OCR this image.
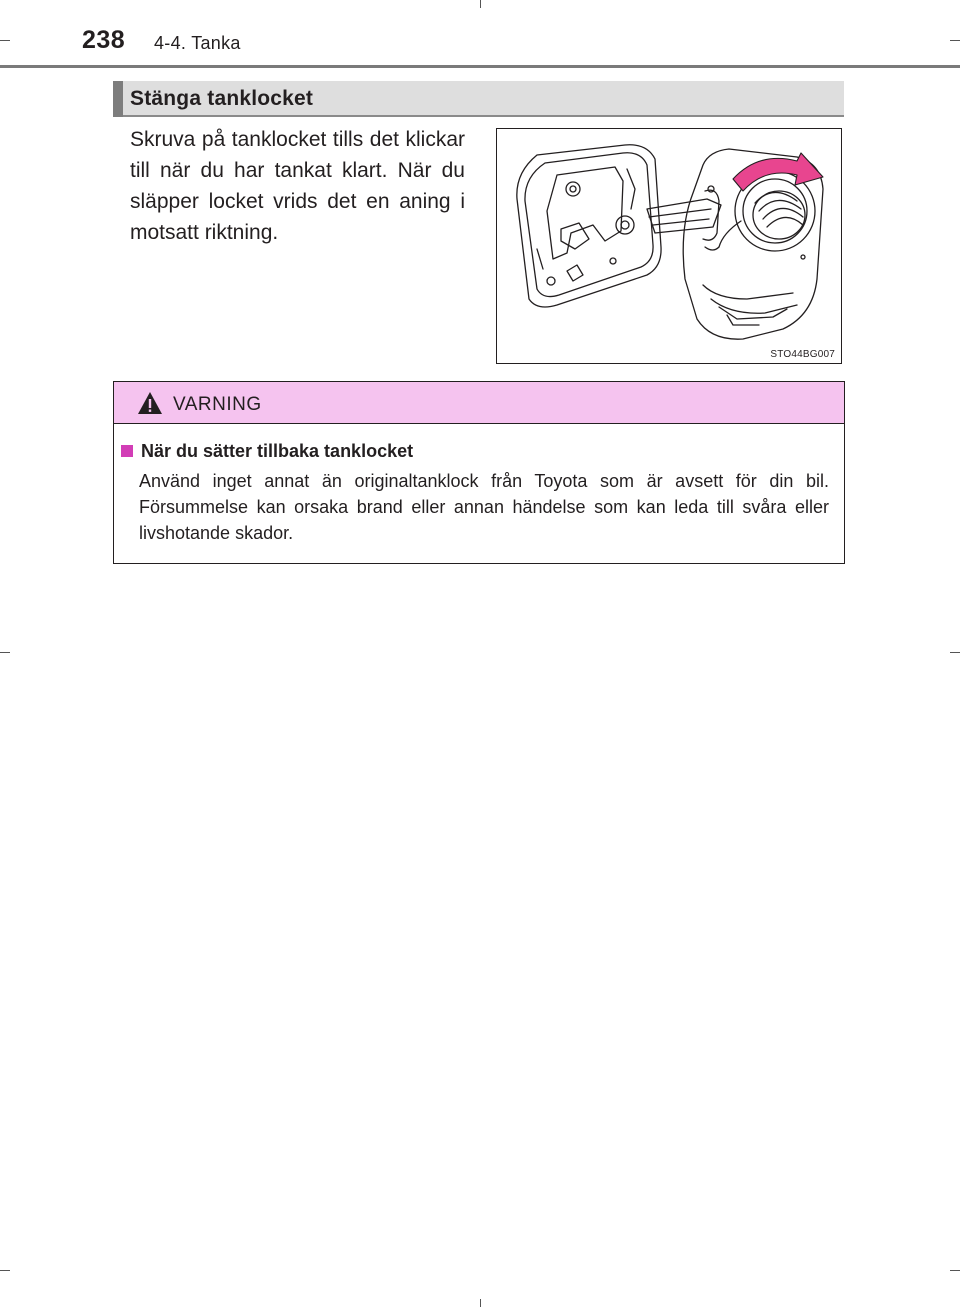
238 4-4. Tanka
Stänga tanklocket
Skruva på tanklocket tills det klickar till när du har tankat klart. När du släpper locket vrids det en aning i motsatt riktning.
STO44BG007
VARNING
När du sätter tillbaka tanklocket
Använd inget annat än originaltanklock från Toyota som är avsett för din bil. Försummelse kan orsaka brand eller annan händelse som kan leda till svåra eller livshotande skador.
